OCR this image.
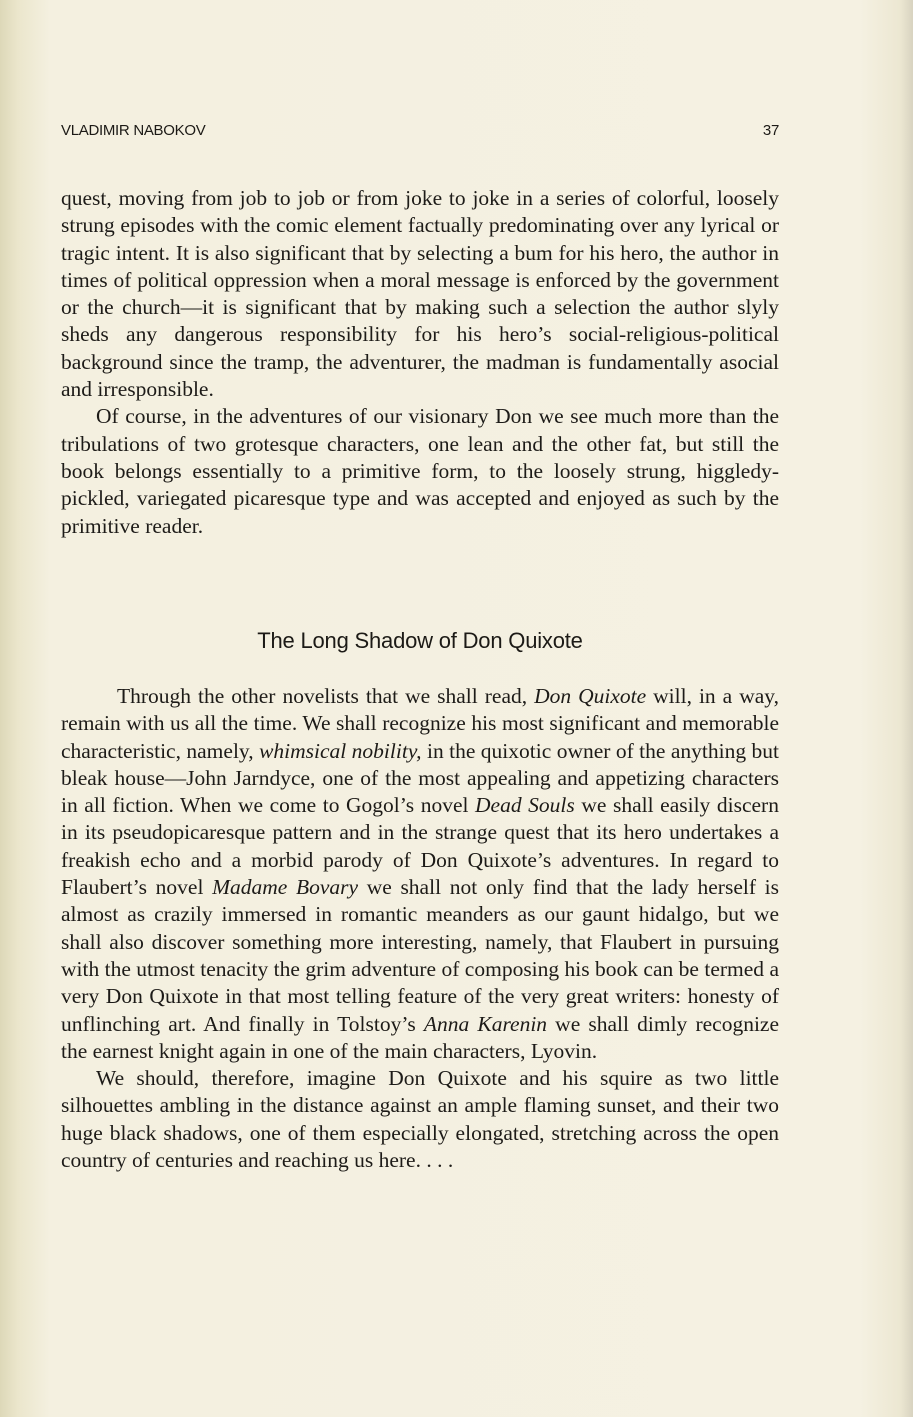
VLADIMIR NABOKOV	37

quest, moving from job to job or from joke to joke in a series of colorful, loosely strung episodes with the comic element factually predominating over any lyrical or tragic intent. It is also significant that by selecting a bum for his hero, the author in times of political oppression when a moral message is enforced by the government or the church—it is significant that by making such a selection the author slyly sheds any dangerous responsibility for his hero’s social-religious-political background since the tramp, the adventurer, the madman is fundamentally asocial and irresponsible.

Of course, in the adventures of our visionary Don we see much more than the tribulations of two grotesque characters, one lean and the other fat, but still the book belongs essentially to a primitive form, to the loosely strung, higgledy-pickled, variegated picaresque type and was accepted and enjoyed as such by the primitive reader.

The Long Shadow of Don Quixote

Through the other novelists that we shall read, Don Quixote will, in a way, remain with us all the time. We shall recognize his most significant and memorable characteristic, namely, whimsical nobility, in the quixotic owner of the anything but bleak house—John Jarndyce, one of the most appealing and appetizing characters in all fiction. When we come to Gogol’s novel Dead Souls we shall easily discern in its pseudopicaresque pattern and in the strange quest that its hero undertakes a freakish echo and a morbid parody of Don Quixote’s adventures. In regard to Flaubert’s novel Madame Bovary we shall not only find that the lady herself is almost as crazily immersed in romantic meanders as our gaunt hidalgo, but we shall also discover something more interesting, namely, that Flaubert in pursuing with the utmost tenacity the grim adventure of composing his book can be termed a very Don Quixote in that most telling feature of the very great writers: honesty of unflinching art. And finally in Tolstoy’s Anna Karenin we shall dimly recognize the earnest knight again in one of the main characters, Lyovin.

We should, therefore, imagine Don Quixote and his squire as two little silhouettes ambling in the distance against an ample flaming sunset, and their two huge black shadows, one of them especially elongated, stretching across the open country of centuries and reaching us here. . . .
